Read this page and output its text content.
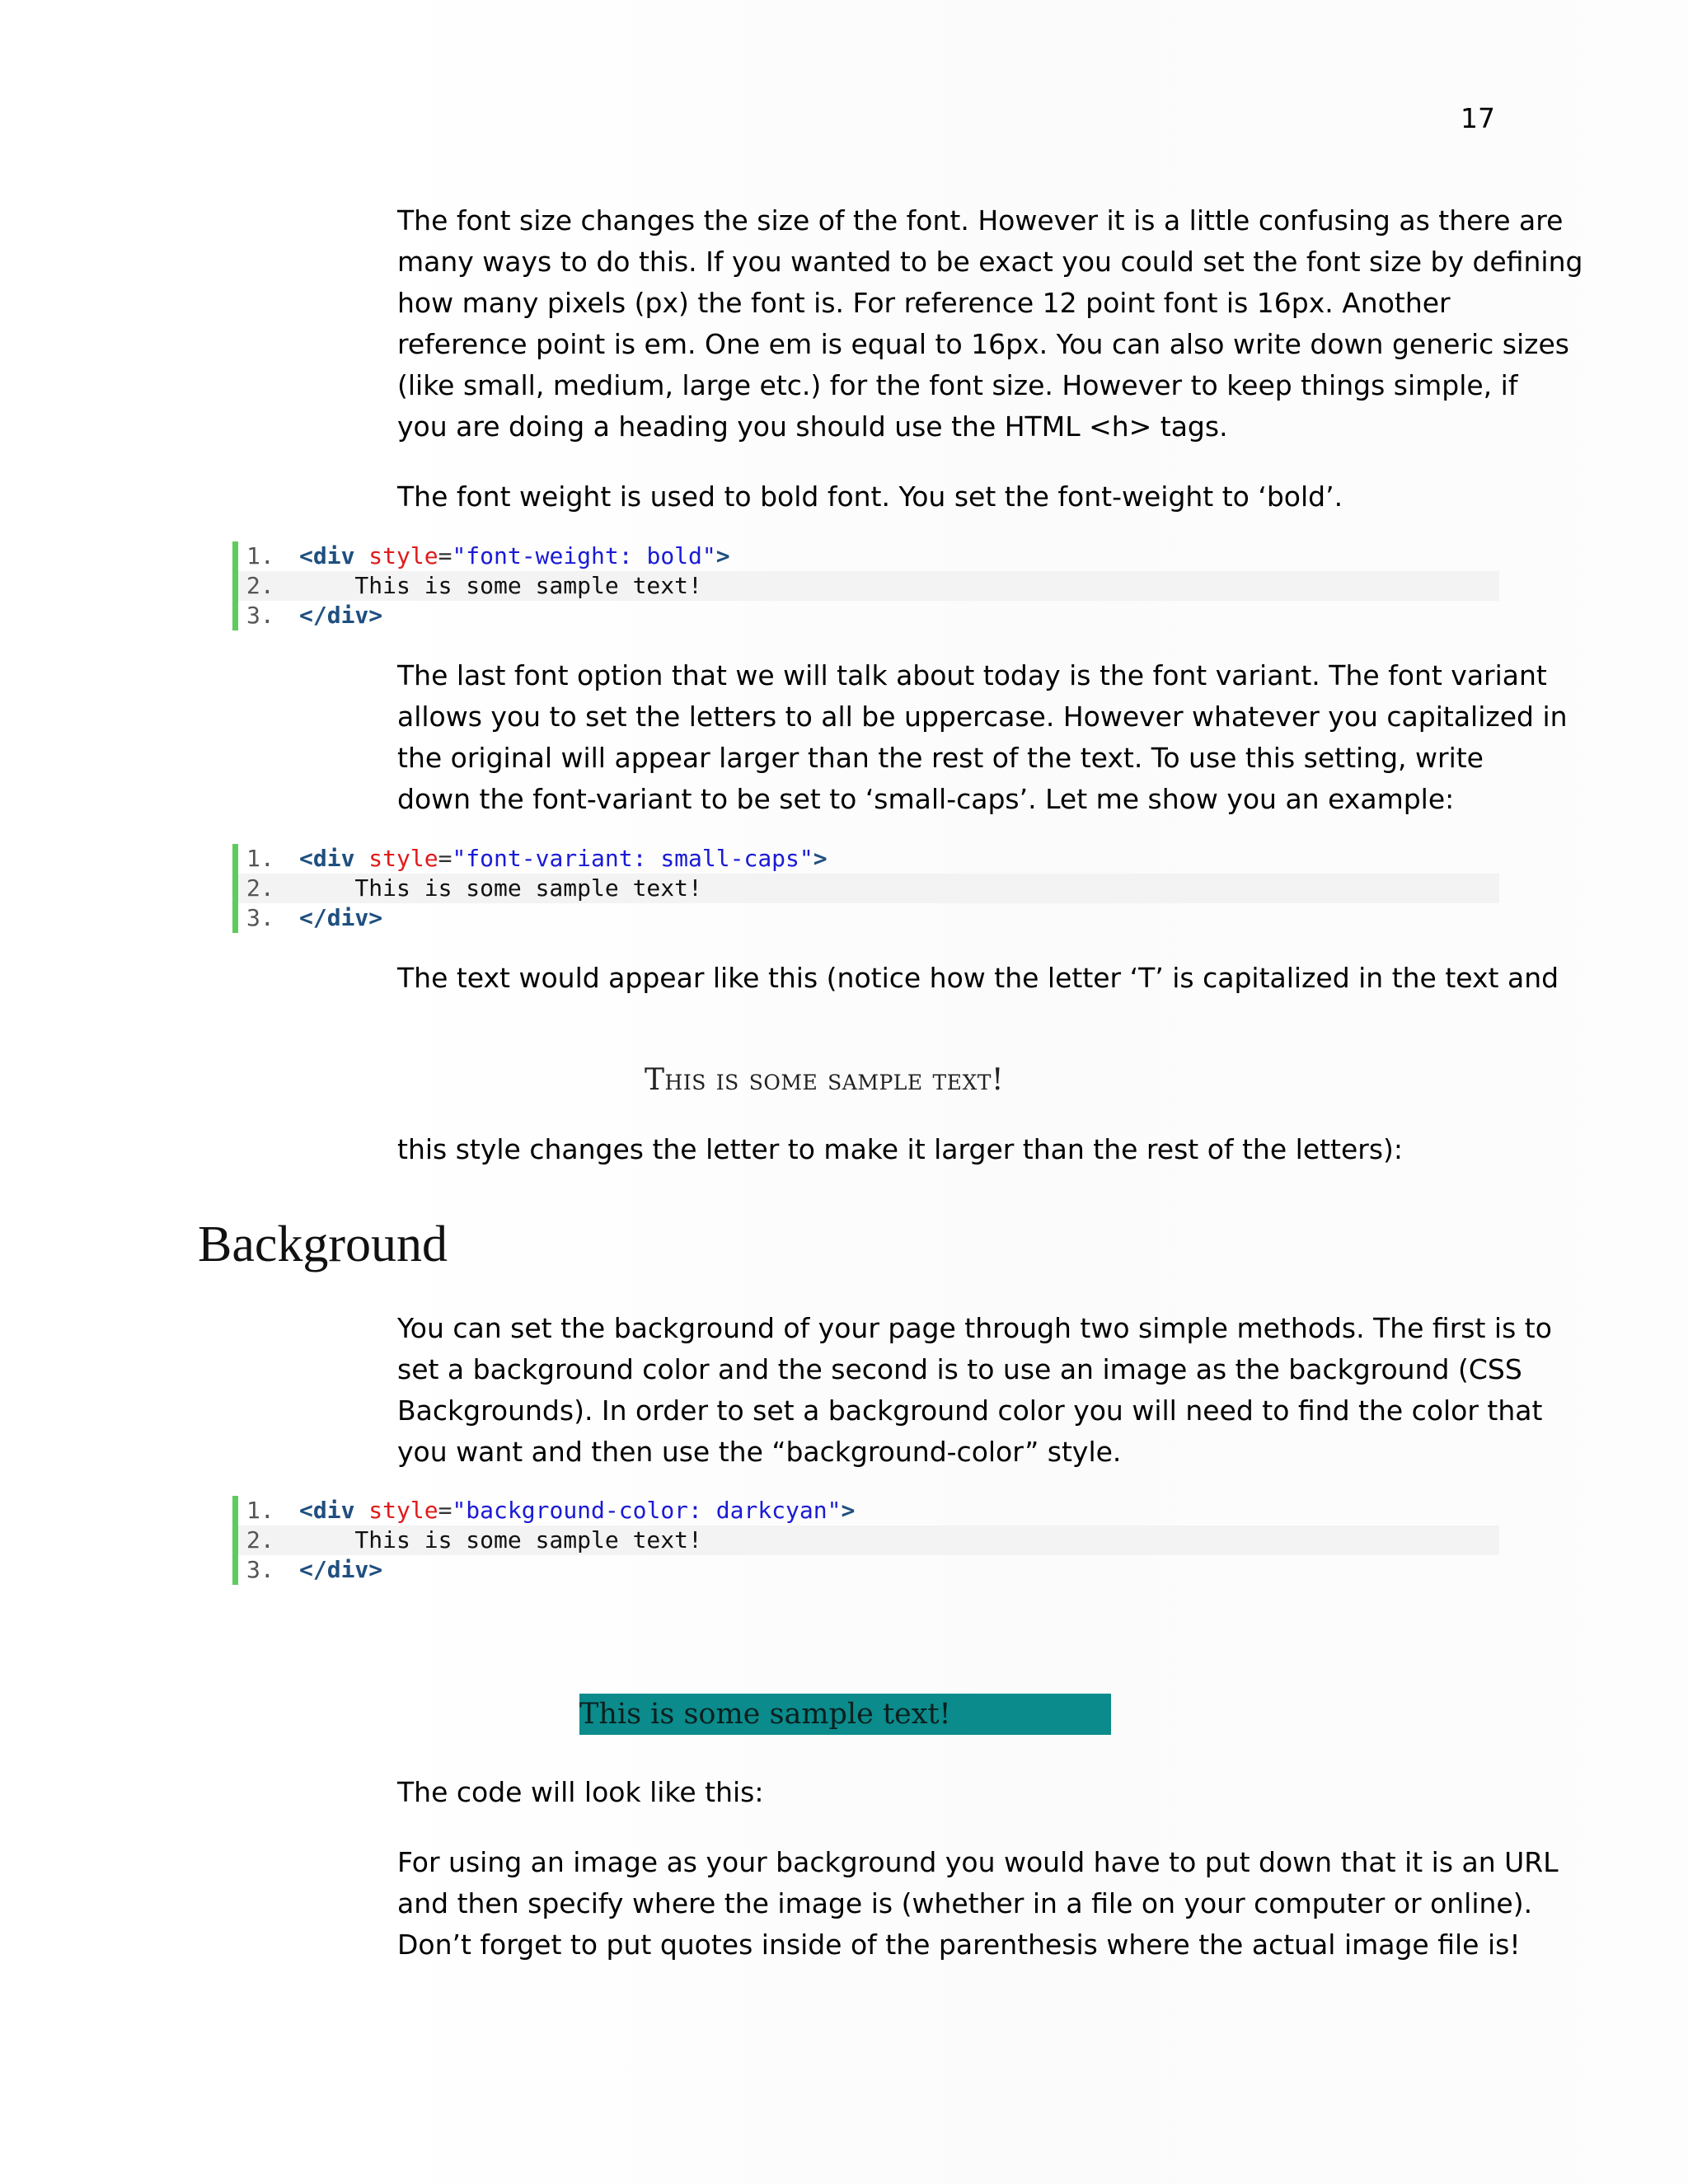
17

The font size changes the size of the font. However it is a little confusing as there are
many ways to do this. If you wanted to be exact you could set the font size by defining
how many pixels (px) the font is. For reference 12 point font is 16px. Another
reference point is em. One em is equal to 16px. You can also write down generic sizes
(like small, medium, large etc.) for the font size. However to keep things simple, if
you are doing a heading you should use the HTML <h> tags.

The font weight is used to bold font. You set the font-weight to ‘bold’.

1. <div style="font-weight: bold">
2.    This is some sample text!
3. </div>

The last font option that we will talk about today is the font variant. The font variant
allows you to set the letters to all be uppercase. However whatever you capitalized in
the original will appear larger than the rest of the text. To use this setting, write
down the font-variant to be set to ‘small-caps’. Let me show you an example:

1. <div style="font-variant: small-caps">
2.    This is some sample text!
3. </div>

The text would appear like this (notice how the letter ‘T’ is capitalized in the text and

This is some sample text!

this style changes the letter to make it larger than the rest of the letters):

Background

You can set the background of your page through two simple methods. The first is to
set a background color and the second is to use an image as the background (CSS
Backgrounds). In order to set a background color you will need to find the color that
you want and then use the “background-color” style.

1. <div style="background-color: darkcyan">
2.    This is some sample text!
3. </div>
This is some sample text!

The code will look like this:

For using an image as your background you would have to put down that it is an URL
and then specify where the image is (whether in a file on your computer or online).
Don’t forget to put quotes inside of the parenthesis where the actual image file is!
